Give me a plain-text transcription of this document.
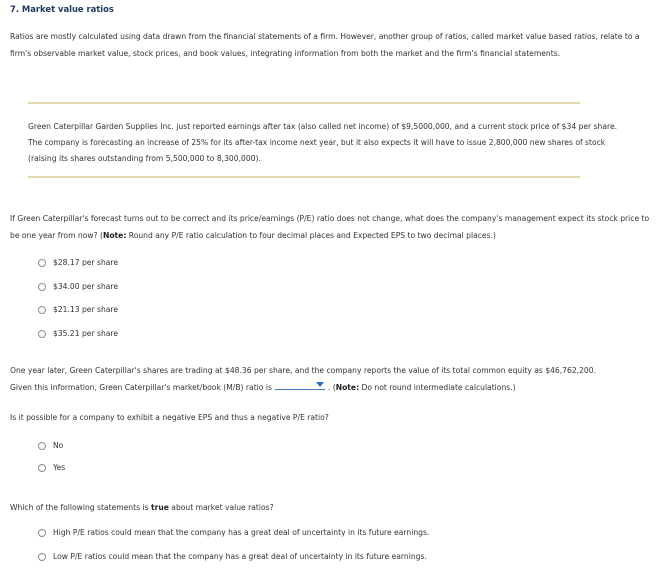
7. Market value ratios
Ratios are mostly calculated using data drawn from the financial statements of a firm. However, another group of ratios, called market value based ratios, relate to a firm's observable market value, stock prices, and book values, integrating information from both the market and the firm's financial statements.
Green Caterpillar Garden Supplies Inc. just reported earnings after tax (also called net income) of $9,5000,000, and a current stock price of $34 per share. The company is forecasting an increase of 25% for its after-tax income next year, but it also expects it will have to issue 2,800,000 new shares of stock (raising its shares outstanding from 5,500,000 to 8,300,000).
If Green Caterpillar's forecast turns out to be correct and its price/earnings (P/E) ratio does not change, what does the company's management expect its stock price to be one year from now? (Note: Round any P/E ratio calculation to four decimal places and Expected EPS to two decimal places.)
$28.17 per share
$34.00 per share
$21.13 per share
$35.21 per share
One year later, Green Caterpillar's shares are trading at $48.36 per share, and the company reports the value of its total common equity as $46,762,200. Given this information, Green Caterpillar's market/book (M/B) ratio is	. (Note: Do not round intermediate calculations.)
Is it possible for a company to exhibit a negative EPS and thus a negative P/E ratio?
No
Yes
Which of the following statements is true about market value ratios?
High P/E ratios could mean that the company has a great deal of uncertainty in its future earnings.
Low P/E ratios could mean that the company has a great deal of uncertainty in its future earnings.
